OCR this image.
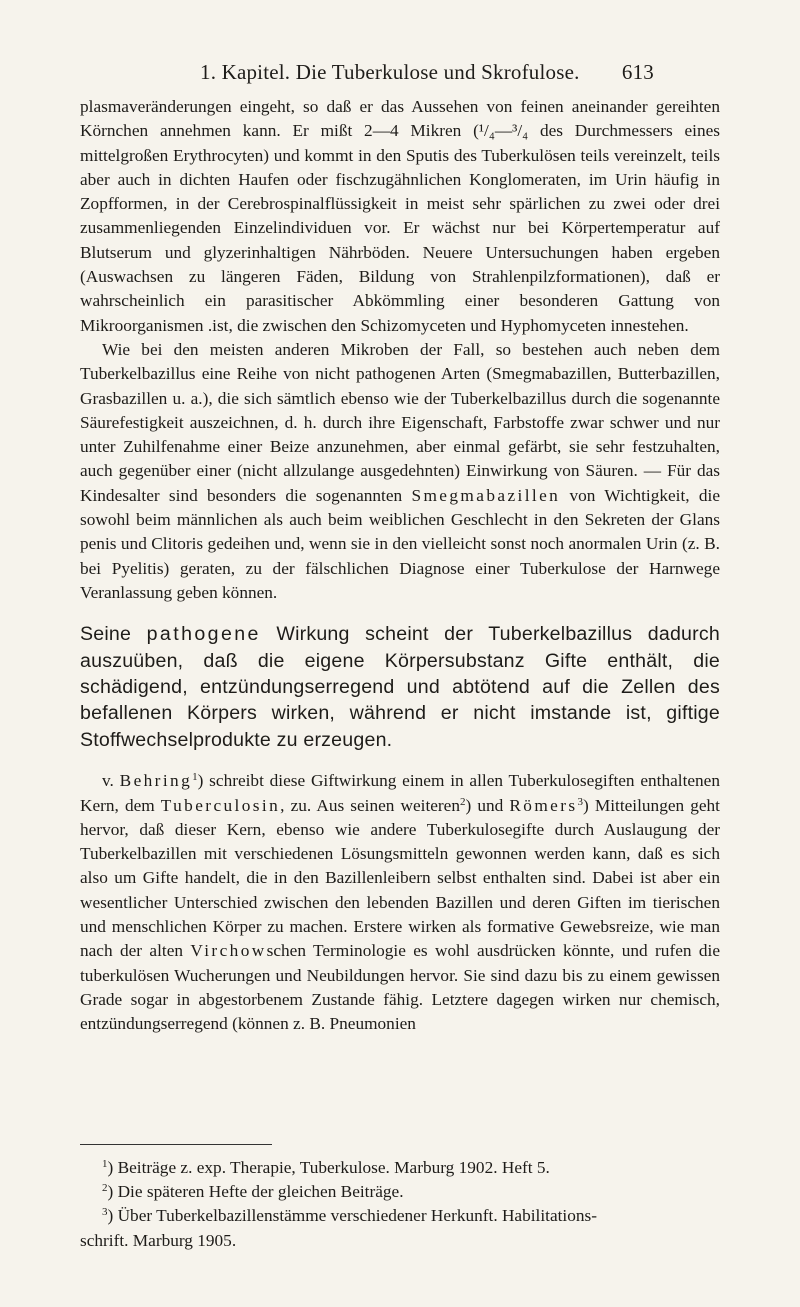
1. Kapitel. Die Tuberkulose und Skrofulose. 613

plasmaveränderungen eingeht, so daß er das Aussehen von feinen aneinander gereihten Körnchen annehmen kann. Er mißt 2—4 Mikren (¹/₄—³/₄ des Durchmessers eines mittelgroßen Erythrocyten) und kommt in den Sputis des Tuberkulösen teils vereinzelt, teils aber auch in dichten Haufen oder fischzugähnlichen Konglomeraten, im Urin häufig in Zopfformen, in der Cerebrospinalflüssigkeit in meist sehr spärlichen zu zwei oder drei zusammenliegenden Einzelindividuen vor. Er wächst nur bei Körpertemperatur auf Blutserum und glyzerinhaltigen Nährböden. Neuere Untersuchungen haben ergeben (Auswachsen zu längeren Fäden, Bildung von Strahlenpilzformationen), daß er wahrscheinlich ein parasitischer Abkömmling einer besonderen Gattung von Mikroorganismen .ist, die zwischen den Schizomyceten und Hyphomyceten innestehen.

Wie bei den meisten anderen Mikroben der Fall, so bestehen auch neben dem Tuberkelbazillus eine Reihe von nicht pathogenen Arten (Smegmabazillen, Butterbazillen, Grasbazillen u. a.), die sich sämtlich ebenso wie der Tuberkelbazillus durch die sogenannte Säurefestigkeit auszeichnen, d. h. durch ihre Eigenschaft, Farbstoffe zwar schwer und nur unter Zuhilfenahme einer Beize anzunehmen, aber einmal gefärbt, sie sehr festzuhalten, auch gegenüber einer (nicht allzulange ausgedehnten) Einwirkung von Säuren. — Für das Kindesalter sind besonders die sogenannten Smegmabazillen von Wichtigkeit, die sowohl beim männlichen als auch beim weiblichen Geschlecht in den Sekreten der Glans penis und Clitoris gedeihen und, wenn sie in den vielleicht sonst noch anormalen Urin (z. B. bei Pyelitis) geraten, zu der fälschlichen Diagnose einer Tuberkulose der Harnwege Veranlassung geben können.

Seine pathogene Wirkung scheint der Tuberkelbazillus dadurch auszuüben, daß die eigene Körpersubstanz Gifte enthält, die schädigend, entzündungserregend und abtötend auf die Zellen des befallenen Körpers wirken, während er nicht imstande ist, giftige Stoffwechselprodukte zu erzeugen.

v. Behring$^1$) schreibt diese Giftwirkung einem in allen Tuberkulosegiften enthaltenen Kern, dem Tuberculosin, zu. Aus seinen weiteren$^2$) und Römers$^3$) Mitteilungen geht hervor, daß dieser Kern, ebenso wie andere Tuberkulosegifte durch Auslaugung der Tuberkelbazillen mit verschiedenen Lösungsmitteln gewonnen werden kann, daß es sich also um Gifte handelt, die in den Bazillenleibern selbst enthalten sind. Dabei ist aber ein wesentlicher Unterschied zwischen den lebenden Bazillen und deren Giften im tierischen und menschlichen Körper zu machen. Erstere wirken als formative Gewebsreize, wie man nach der alten Virchowschen Terminologie es wohl ausdrücken könnte, und rufen die tuberkulösen Wucherungen und Neubildungen hervor. Sie sind dazu bis zu einem gewissen Grade sogar in abgestorbenem Zustande fähig. Letztere dagegen wirken nur chemisch, entzündungserregend (können z. B. Pneumonien

$^1$) Beiträge z. exp. Therapie, Tuberkulose. Marburg 1902. Heft 5.
$^2$) Die späteren Hefte der gleichen Beiträge.
$^3$) Über Tuberkelbazillenstämme verschiedener Herkunft. Habilitations-
schrift. Marburg 1905.
